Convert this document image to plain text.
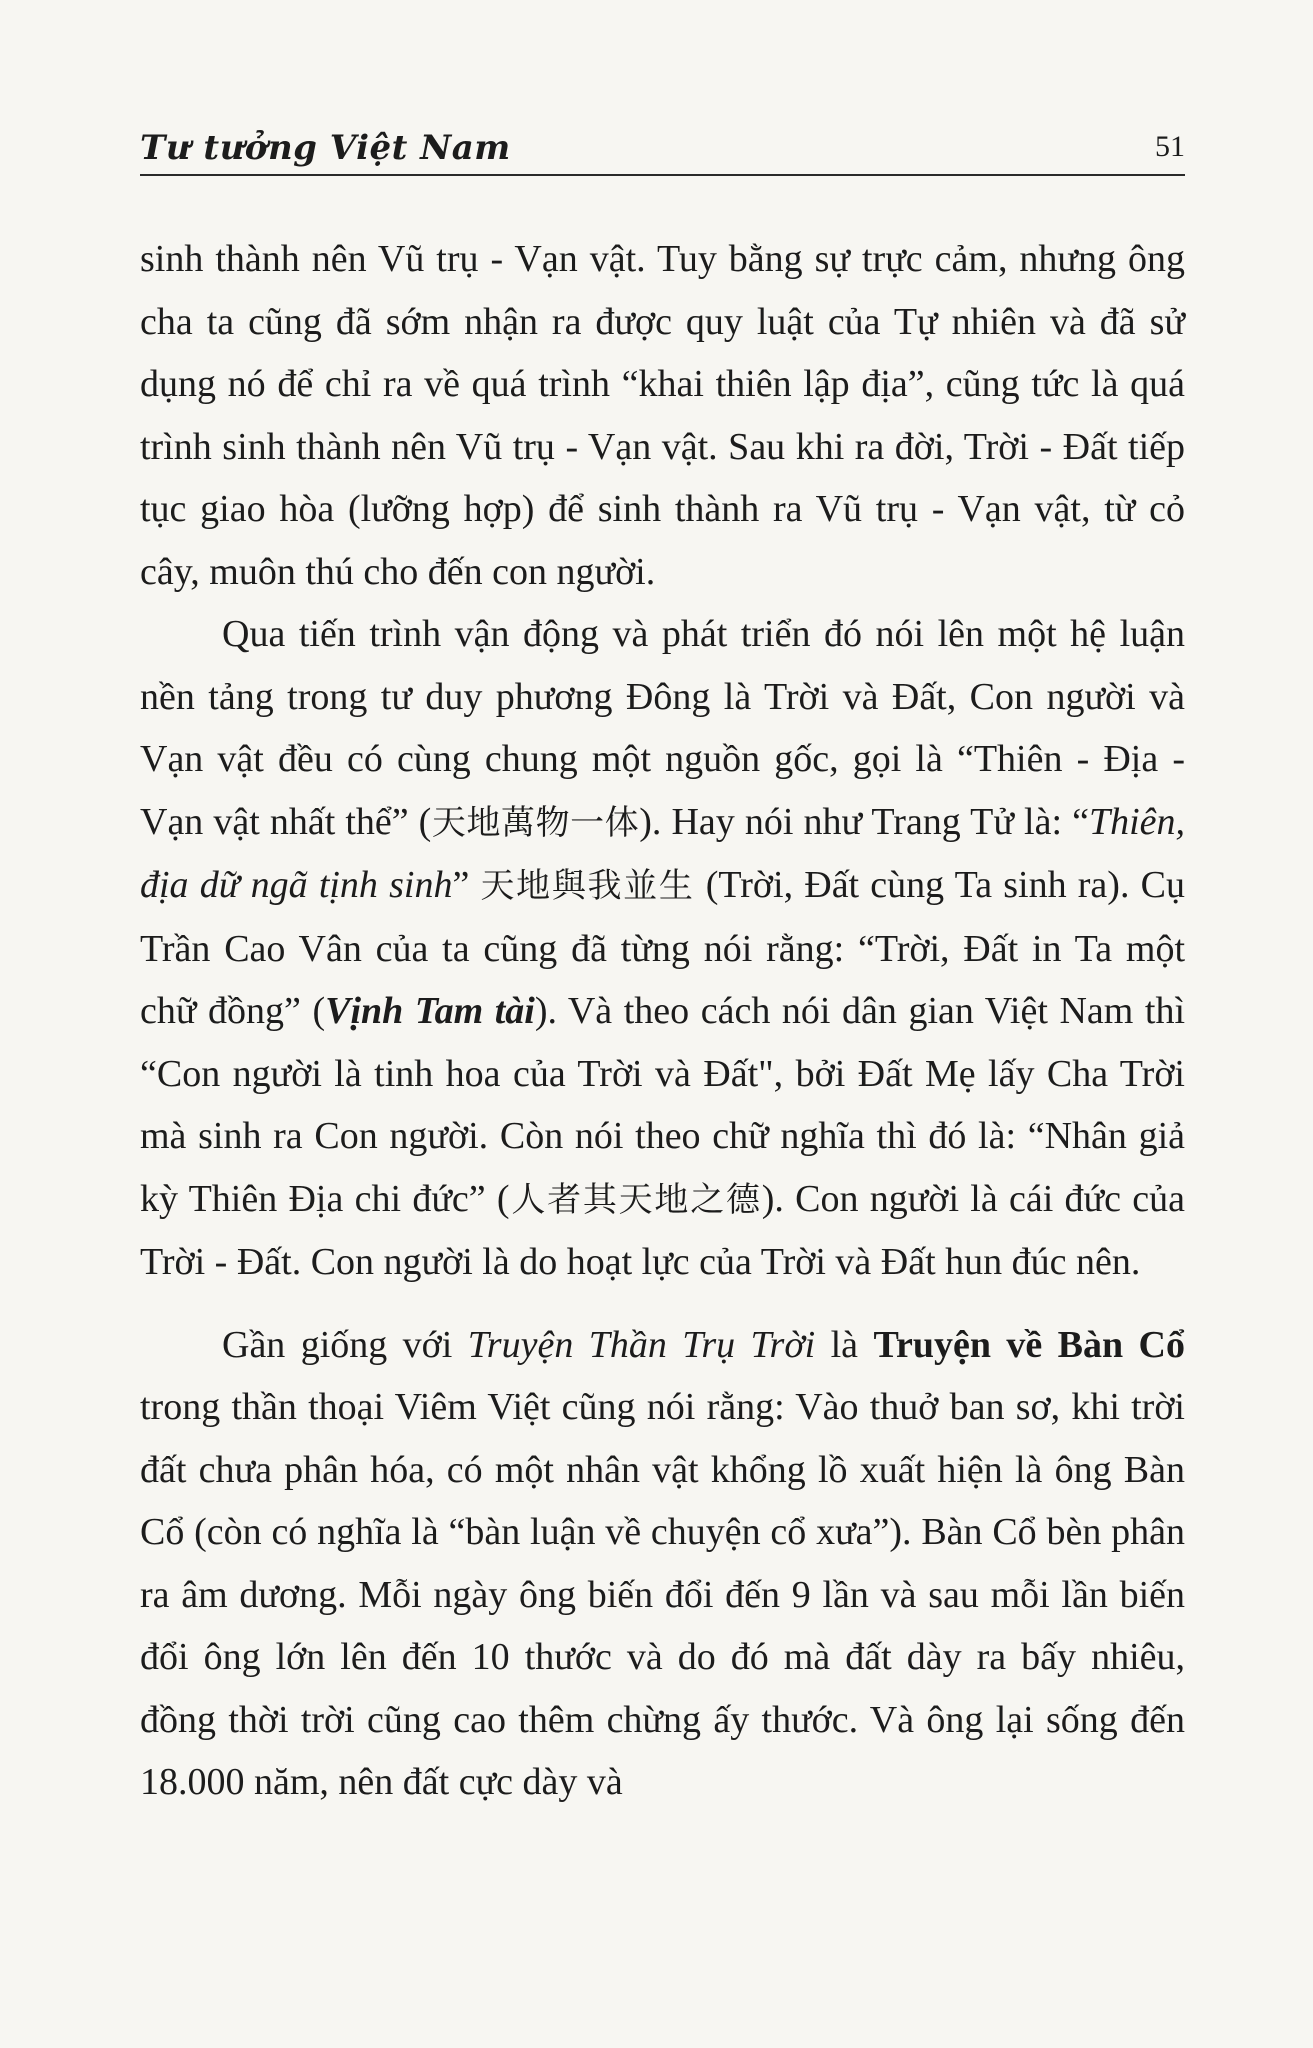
Tư tưởng Việt Nam	51

sinh thành nên Vũ trụ - Vạn vật. Tuy bằng sự trực cảm, nhưng ông cha ta cũng đã sớm nhận ra được quy luật của Tự nhiên và đã sử dụng nó để chỉ ra về quá trình “khai thiên lập địa”, cũng tức là quá trình sinh thành nên Vũ trụ - Vạn vật. Sau khi ra đời, Trời - Đất tiếp tục giao hòa (lưỡng hợp) để sinh thành ra Vũ trụ - Vạn vật, từ cỏ cây, muôn thú cho đến con người.

Qua tiến trình vận động và phát triển đó nói lên một hệ luận nền tảng trong tư duy phương Đông là Trời và Đất, Con người và Vạn vật đều có cùng chung một nguồn gốc, gọi là “Thiên - Địa - Vạn vật nhất thể” (天地萬物一体). Hay nói như Trang Tử là: “Thiên, địa dữ ngã tịnh sinh” 天地與我並生 (Trời, Đất cùng Ta sinh ra). Cụ Trần Cao Vân của ta cũng đã từng nói rằng: “Trời, Đất in Ta một chữ đồng” (Vịnh Tam tài). Và theo cách nói dân gian Việt Nam thì “Con người là tinh hoa của Trời và Đất", bởi Đất Mẹ lấy Cha Trời mà sinh ra Con người. Còn nói theo chữ nghĩa thì đó là: “Nhân giả kỳ Thiên Địa chi đức” (人者其天地之德). Con người là cái đức của Trời - Đất. Con người là do hoạt lực của Trời và Đất hun đúc nên.

Gần giống với Truyện Thần Trụ Trời là Truyện về Bàn Cổ trong thần thoại Viêm Việt cũng nói rằng: Vào thuở ban sơ, khi trời đất chưa phân hóa, có một nhân vật khổng lồ xuất hiện là ông Bàn Cổ (còn có nghĩa là “bàn luận về chuyện cổ xưa”). Bàn Cổ bèn phân ra âm dương. Mỗi ngày ông biến đổi đến 9 lần và sau mỗi lần biến đổi ông lớn lên đến 10 thước và do đó mà đất dày ra bấy nhiêu, đồng thời trời cũng cao thêm chừng ấy thước. Và ông lại sống đến 18.000 năm, nên đất cực dày và
